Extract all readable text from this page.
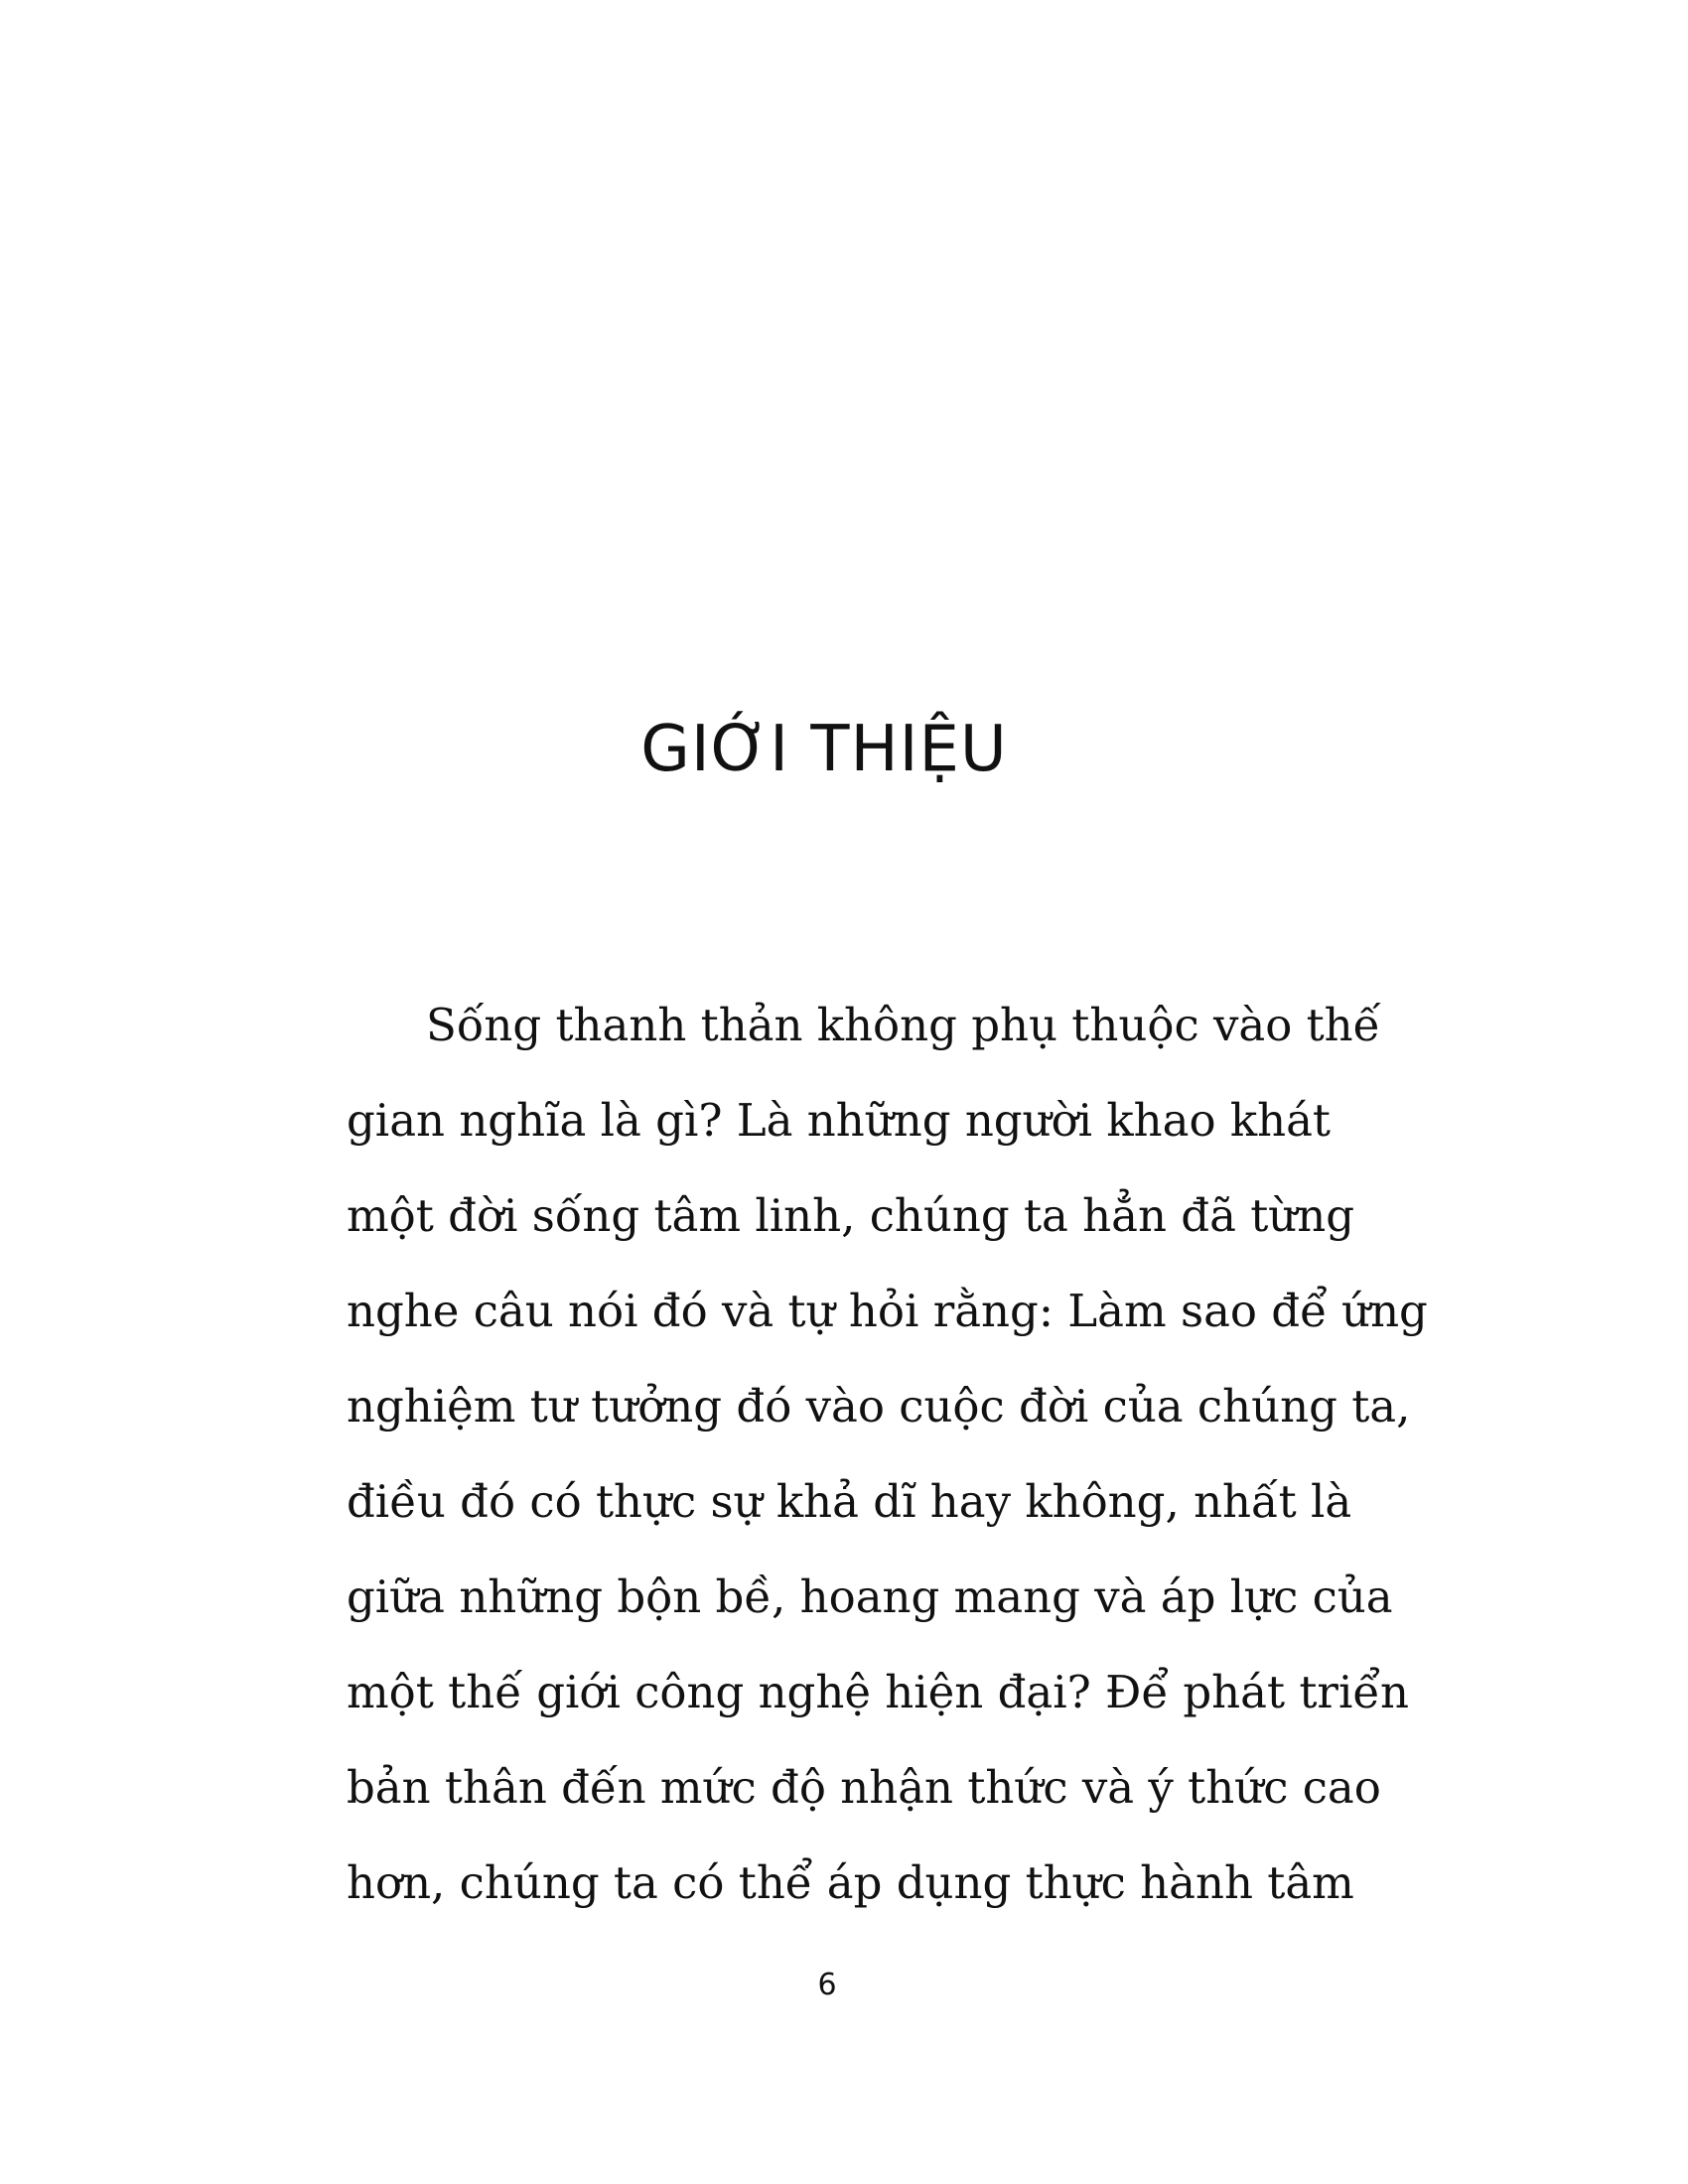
GIỚI THIỆU
Sống thanh thản không phụ thuộc vào thế
gian nghĩa là gì? Là những người khao khát
một đời sống tâm linh, chúng ta hẳn đã từng
nghe câu nói đó và tự hỏi rằng: Làm sao để ứng
nghiệm tư tưởng đó vào cuộc đời của chúng ta,
điều đó có thực sự khả dĩ hay không, nhất là
giữa những bộn bề, hoang mang và áp lực của
một thế giới công nghệ hiện đại? Để phát triển
bản thân đến mức độ nhận thức và ý thức cao
hơn, chúng ta có thể áp dụng thực hành tâm
6
